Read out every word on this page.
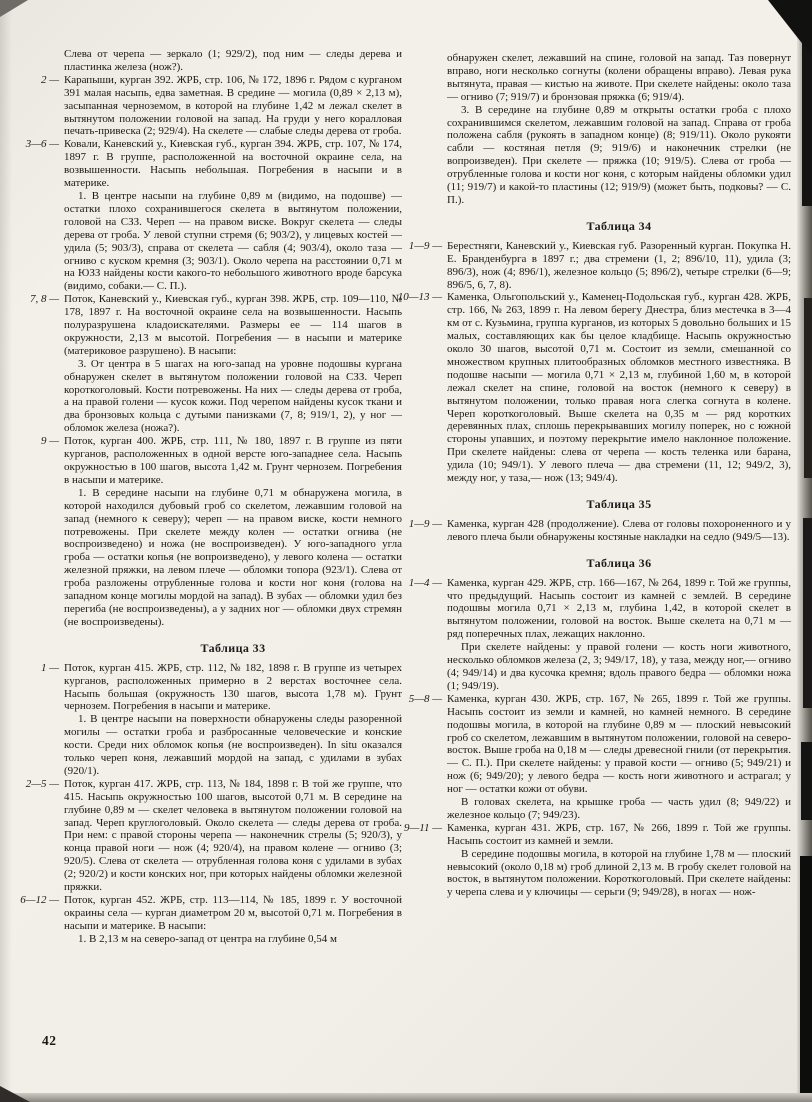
Слева от черепа — зеркало (1; 929/2), под ним — следы дерева и пластинка железа (нож?).

2 — Карапыши, курган 392. ЖРБ, стр. 106, № 172, 1896 г. Рядом с курганом 391 малая насыпь, едва заметная. В средине — могила (0,89 × 2,13 м), засыпанная черноземом, в которой на глубине 1,42 м лежал скелет в вытянутом положении головой на запад. На груди у него коралловая печать-привеска (2; 929/4). На скелете — слабые следы дерева от гроба.

3—6 — Ковали, Каневский у., Киевская губ., курган 394. ЖРБ, стр. 107, № 174, 1897 г. В группе, расположенной на восточной окраине села, на возвышенности. Насыпь небольшая. Погребения в насыпи и в материке.

1. В центре насыпи на глубине 0,89 м (видимо, на подошве) — остатки плохо сохранившегося скелета в вытянутом положении, головой на СЗЗ. Череп — на правом виске. Вокруг скелета — следы дерева от гроба. У левой ступни стремя (6; 903/2), у лицевых костей — удила (5; 903/3), справа от скелета — сабля (4; 903/4), около таза — огниво с куском кремня (3; 903/1). Около черепа на расстоянии 0,71 м на ЮЗЗ найдены кости какого-то небольшого животного вроде барсука (видимо, собаки.— С. П.).

7, 8 — Поток, Каневский у., Киевская губ., курган 398. ЖРБ, стр. 109—110, № 178, 1897 г. На восточной окраине села на возвышенности. Насыпь полуразрушена кладоискателями. Размеры ее — 114 шагов в окружности, 2,13 м высотой. Погребения — в насыпи и материке (материковое разрушено). В насыпи:

3. От центра в 5 шагах на юго-запад на уровне подошвы кургана обнаружен скелет в вытянутом положении головой на СЗЗ. Череп короткоголовый. Кости потревожены. На них — следы дерева от гроба, а на правой голени — кусок кожи. Под черепом найдены кусок ткани и два бронзовых кольца с дутыми панизками (7, 8; 919/1, 2), у ног — обломок железа (ножа?).

9 — Поток, курган 400. ЖРБ, стр. 111, № 180, 1897 г. В группе из пяти курганов, расположенных в одной версте юго-западнее села. Насыпь окружностью в 100 шагов, высота 1,42 м. Грунт чернозем. Погребения в насыпи и материке.

1. В середине насыпи на глубине 0,71 м обнаружена могила, в которой находился дубовый гроб со скелетом, лежавшим головой на запад (немного к северу); череп — на правом виске, кости немного потревожены. При скелете между колен — остатки огнива (не воспроизведено) и ножа (не воспроизведен). У юго-западного угла гроба — остатки копья (не вопроизведено), у левого колена — остатки железной пряжки, на левом плече — обломки топора (923/1). Слева от гроба разложены отрубленные голова и кости ног коня (голова на западном конце могилы мордой на запад). В зубах — обломки удил без перегиба (не воспроизведены), а у задних ног — обломки двух стремян (не воспроизведены).

Таблица 33

1 — Поток, курган 415. ЖРБ, стр. 112, № 182, 1898 г. В группе из четырех курганов, расположенных примерно в 2 верстах восточнее села. Насыпь большая (окружность 130 шагов, высота 1,78 м). Грунт чернозем. Погребения в насыпи и материке.

1. В центре насыпи на поверхности обнаружены следы разоренной могилы — остатки гроба и разбросанные человеческие и конские кости. Среди них обломок копья (не воспроизведен). In situ оказался только череп коня, лежавший мордой на запад, с удилами в зубах (920/1).

2—5 — Поток, курган 417. ЖРБ, стр. 113, № 184, 1898 г. В той же группе, что 415. Насыпь окружностью 100 шагов, высотой 0,71 м. В середине на глубине 0,89 м — скелет человека в вытянутом положении головой на запад. Череп круглоголовый. Около скелета — следы дерева от гроба. При нем: с правой стороны черепа — наконечник стрелы (5; 920/3), у конца правой ноги — нож (4; 920/4), на правом колене — огниво (3; 920/5). Слева от скелета — отрубленная голова коня с удилами в зубах (2; 920/2) и кости конских ног, при которых найдены обломки железной пряжки.

6—12 — Поток, курган 452. ЖРБ, стр. 113—114, № 185, 1899 г. У восточной окраины села — курган диаметром 20 м, высотой 0,71 м. Погребения в насыпи и материке. В насыпи:

1. В 2,13 м на северо-запад от центра на глубине 0,54 м

обнаружен скелет, лежавший на спине, головой на запад. Таз повернут вправо, ноги несколько согнуты (колени обращены вправо). Левая рука вытянута, правая — кистью на животе. При скелете найдены: около таза — огниво (7; 919/7) и бронзовая пряжка (6; 919/4).

3. В середине на глубине 0,89 м открыты остатки гроба с плохо сохранившимся скелетом, лежавшим головой на запад. Справа от гроба положена сабля (рукоять в западном конце) (8; 919/11). Около рукояти сабли — костяная петля (9; 919/6) и наконечник стрелки (не вопроизведен). При скелете — пряжка (10; 919/5). Слева от гроба — отрубленные голова и кости ног коня, с которым найдены обломки удил (11; 919/7) и какой-то пластины (12; 919/9) (может быть, подковы? — С. П.).

Таблица 34

1—9 — Берестняги, Каневский у., Киевская губ. Разоренный курган. Покупка Н. Е. Бранденбурга в 1897 г.; два стремени (1, 2; 896/10, 11), удила (3; 896/3), нож (4; 896/1), железное кольцо (5; 896/2), четыре стрелки (6—9; 896/5, 6, 7, 8).

10—13 — Каменка, Ольгопольский у., Каменец-Подольская губ., курган 428. ЖРБ, стр. 166, № 263, 1899 г. На левом берегу Днестра, близ местечка в 3—4 км от с. Кузьмина, группа курганов, из которых 5 довольно больших и 15 малых, составляющих как бы целое кладбище. Насыпь окружностью около 30 шагов, высотой 0,71 м. Состоит из земли, смешанной со множеством крупных плитообразных обломков местного известняка. В подошве насыпи — могила 0,71 × 2,13 м, глубиной 1,60 м, в которой лежал скелет на спине, головой на восток (немного к северу) в вытянутом положении, только правая нога слегка согнута в колене. Череп короткоголовый. Выше скелета на 0,35 м — ряд коротких деревянных плах, сплошь перекрывавших могилу поперек, но с южной стороны упавших, и поэтому перекрытие имело наклонное положение. При скелете найдены: слева от черепа — кость теленка или барана, удила (10; 949/1). У левого плеча — два стремени (11, 12; 949/2, 3), между ног, у таза,— нож (13; 949/4).

Таблица 35

1—9 — Каменка, курган 428 (продолжение). Слева от головы похороненного и у левого плеча были обнаружены костяные накладки на седло (949/5—13).

Таблица 36

1—4 — Каменка, курган 429. ЖРБ, стр. 166—167, № 264, 1899 г. Той же группы, что предыдущий. Насыпь состоит из камней с землей. В середине подошвы могила 0,71 × 2,13 м, глубина 1,42, в которой скелет в вытянутом положении, головой на восток. Выше скелета на 0,71 м — ряд поперечных плах, лежащих наклонно.

При скелете найдены: у правой голени — кость ноги животного, несколько обломков железа (2, 3; 949/17, 18), у таза, между ног,— огниво (4; 949/14) и два кусочка кремня; вдоль правого бедра — обломки ножа (1; 949/19).

5—8 — Каменка, курган 430. ЖРБ, стр. 167, № 265, 1899 г. Той же группы. Насыпь состоит из земли и камней, но камней немного. В середине подошвы могила, в которой на глубине 0,89 м — плоский невысокий гроб со скелетом, лежавшим в вытянутом положении, головой на северо-восток. Выше гроба на 0,18 м — следы древесной гнили (от перекрытия.— С. П.). При скелете найдены: у правой кости — огниво (5; 949/21) и нож (6; 949/20); у левого бедра — кость ноги животного и астрагал; у ног — остатки кожи от обуви.

В головах скелета, на крышке гроба — часть удил (8; 949/22) и железное кольцо (7; 949/23).

9—11 — Каменка, курган 431. ЖРБ, стр. 167, № 266, 1899 г. Той же группы. Насыпь состоит из камней и земли.

В середине подошвы могила, в которой на глубине 1,78 м — плоский невысокий (около 0,18 м) гроб длиной 2,13 м. В гробу скелет головой на восток, в вытянутом положении. Короткоголовый. При скелете найдены: у черепа слева и у ключицы — серьги (9; 949/28), в ногах — нож-

42
